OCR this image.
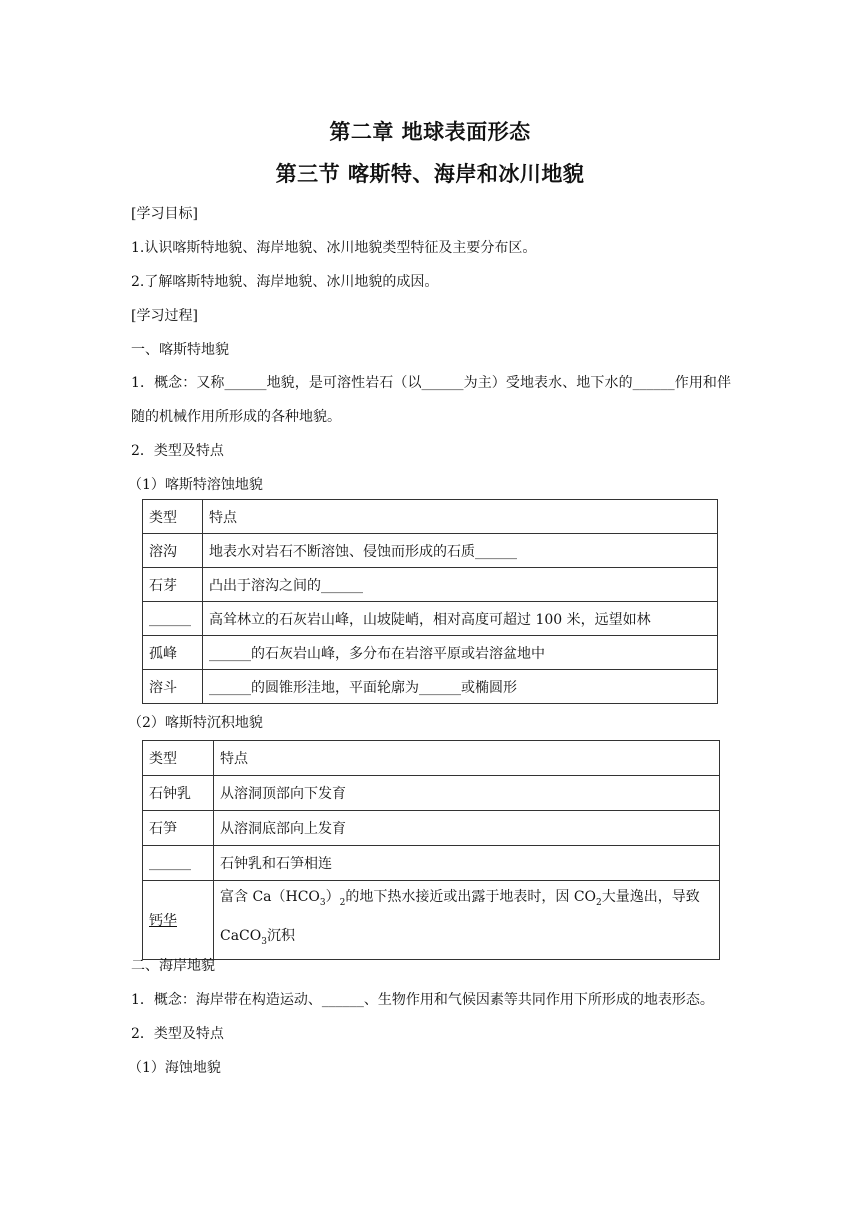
第二章 地球表面形态
第三节 喀斯特、海岸和冰川地貌
[学习目标]
1.认识喀斯特地貌、海岸地貌、冰川地貌类型特征及主要分布区。
2.了解喀斯特地貌、海岸地貌、冰川地貌的成因。
[学习过程]
一、喀斯特地貌
1．概念：又称______地貌，是可溶性岩石（以______为主）受地表水、地下水的______作用和伴随的机械作用所形成的各种地貌。
2．类型及特点
（1）喀斯特溶蚀地貌
类型	特点
溶沟	地表水对岩石不断溶蚀、侵蚀而形成的石质______
石芽	凸出于溶沟之间的______
______	高耸林立的石灰岩山峰，山坡陡峭，相对高度可超过 100 米，远望如林
孤峰	______的石灰岩山峰，多分布在岩溶平原或岩溶盆地中
溶斗	______的圆锥形洼地，平面轮廓为______或椭圆形
（2）喀斯特沉积地貌
类型	特点
石钟乳	从溶洞顶部向下发育
石笋	从溶洞底部向上发育
______	石钟乳和石笋相连
钙华	富含 $Ca(HCO_3)_2$的地下热水接近或出露于地表时，因 $CO_2$大量逸出，导致
CaCO$_3$沉积
二、海岸地貌
1．概念：海岸带在构造运动、______、生物作用和气候因素等共同作用下所形成的地表形态。
2．类型及特点
（1）海蚀地貌
